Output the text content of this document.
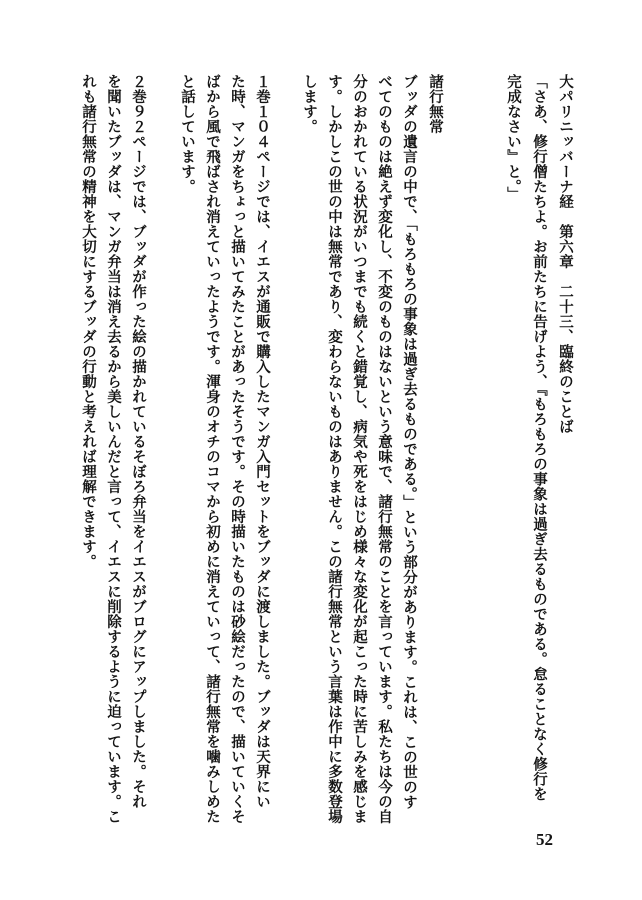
大パリニッバーナ経　第六章　二十三、臨終のことば

「さあ、修行僧たちよ。お前たちに告げよう、『もろもろの事象は過ぎ去るものである。怠ることなく修行を

完成なさい』と。」

諸行無常

ブッダの遺言の中で、「もろもろの事象は過ぎ去るものである。」という部分があります。これは、この世のす

べてのものは絶えず変化し、不変のものはないという意味で、諸行無常のことを言っています。私たちは今の自

分のおかれている状況がいつまでも続くと錯覚し、病気や死をはじめ様々な変化が起こった時に苦しみを感じま

す。しかしこの世の中は無常であり、変わらないものはありません。この諸行無常という言葉は作中に多数登場

します。

１巻１０４ページでは、イエスが通販で購入したマンガ入門セットをブッダに渡しました。ブッダは天界にい

た時、マンガをちょっと描いてみたことがあったそうです。その時描いたものは砂絵だったので、描いていくそ

ばから風で飛ばされ消えていったようです。渾身のオチのコマから初めに消えていって、諸行無常を噛みしめた

と話しています。

２巻９２ページでは、ブッダが作った絵の描かれているそぼろ弁当をイエスがブログにアップしました。それ

を聞いたブッダは、マンガ弁当は消え去るから美しいんだと言って、イエスに削除するように迫っています。こ

れも諸行無常の精神を大切にするブッダの行動と考えれば理解できます。

52
